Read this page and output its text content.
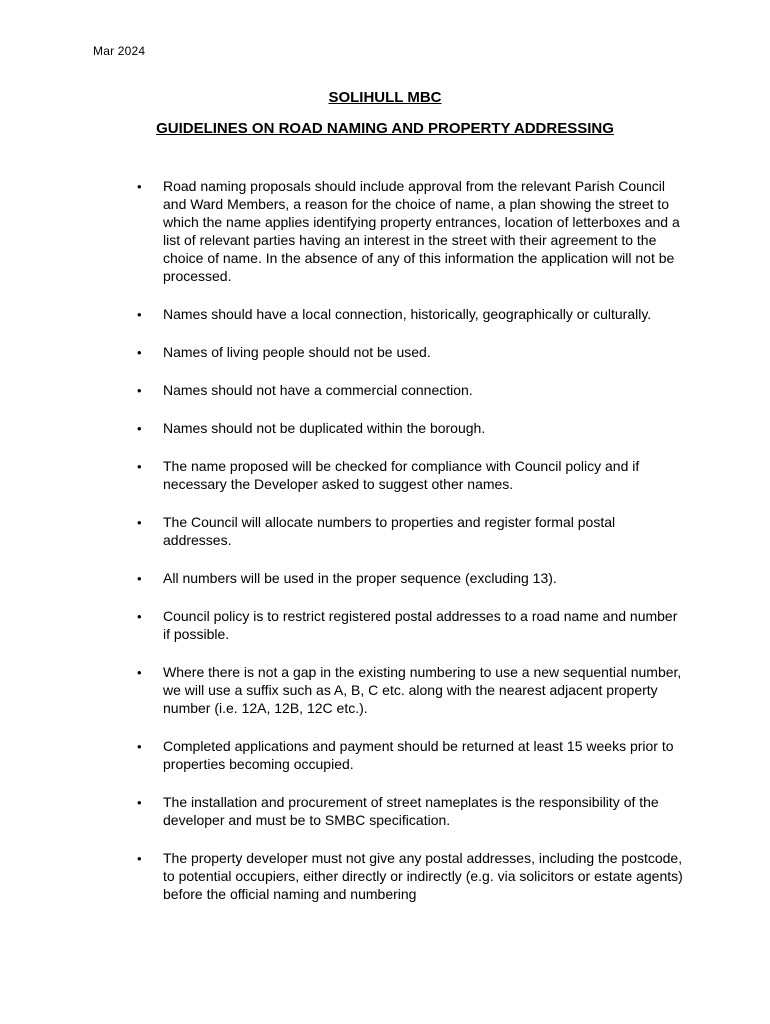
Mar 2024
SOLIHULL MBC
GUIDELINES ON ROAD NAMING AND PROPERTY ADDRESSING
• Road naming proposals should include approval from the relevant Parish Council and Ward Members, a reason for the choice of name, a plan showing the street to which the name applies identifying property entrances, location of letterboxes and a list of relevant parties having an interest in the street with their agreement to the choice of name. In the absence of any of this information the application will not be processed.
• Names should have a local connection, historically, geographically or culturally.
• Names of living people should not be used.
• Names should not have a commercial connection.
• Names should not be duplicated within the borough.
• The name proposed will be checked for compliance with Council policy and if necessary the Developer asked to suggest other names.
• The Council will allocate numbers to properties and register formal postal addresses.
• All numbers will be used in the proper sequence (excluding 13).
• Council policy is to restrict registered postal addresses to a road name and number if possible.
• Where there is not a gap in the existing numbering to use a new sequential number, we will use a suffix such as A, B, C etc. along with the nearest adjacent property number (i.e. 12A, 12B, 12C etc.).
• Completed applications and payment should be returned at least 15 weeks prior to properties becoming occupied.
• The installation and procurement of street nameplates is the responsibility of the developer and must be to SMBC specification.
• The property developer must not give any postal addresses, including the postcode, to potential occupiers, either directly or indirectly (e.g. via solicitors or estate agents) before the official naming and numbering
